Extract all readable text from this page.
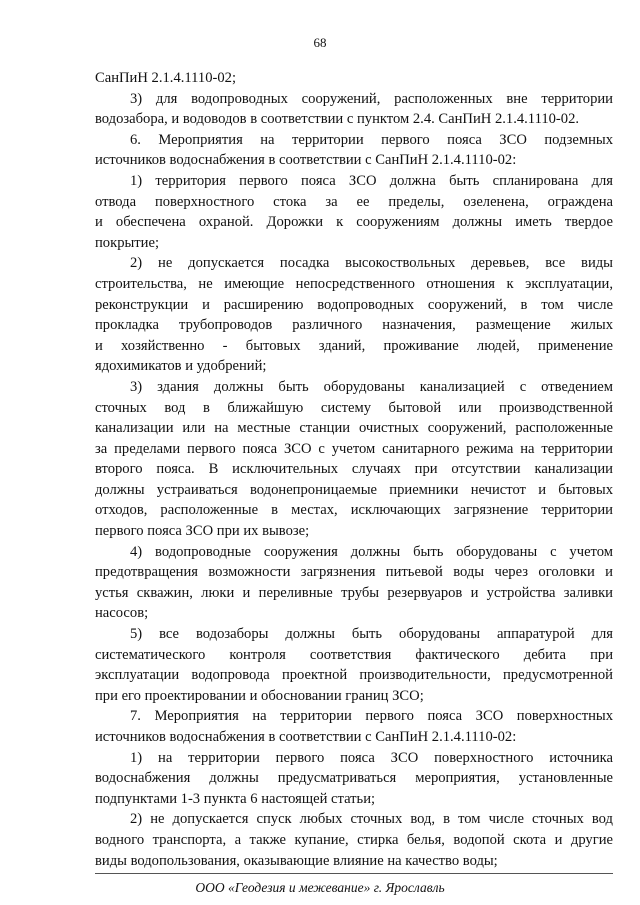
68
СанПиН 2.1.4.1110-02;
3) для водопроводных сооружений, расположенных вне территории
водозабора, и водоводов в соответствии с пунктом 2.4. СанПиН 2.1.4.1110-02.
6. Мероприятия на территории первого пояса ЗСО подземных
источников водоснабжения в соответствии с СанПиН 2.1.4.1110-02:
1) территория первого пояса ЗСО должна быть спланирована для
отвода поверхностного стока за ее пределы, озеленена, ограждена
и обеспечена охраной. Дорожки к сооружениям должны иметь твердое
покрытие;
2) не допускается посадка высокоствольных деревьев, все виды
строительства, не имеющие непосредственного отношения к эксплуатации,
реконструкции и расширению водопроводных сооружений, в том числе
прокладка трубопроводов различного назначения, размещение жилых
и хозяйственно - бытовых зданий, проживание людей, применение
ядохимикатов и удобрений;
3) здания должны быть оборудованы канализацией с отведением
сточных вод в ближайшую систему бытовой или производственной
канализации или на местные станции очистных сооружений, расположенные
за пределами первого пояса ЗСО с учетом санитарного режима на территории
второго пояса. В исключительных случаях при отсутствии канализации
должны устраиваться водонепроницаемые приемники нечистот и бытовых
отходов, расположенные в местах, исключающих загрязнение территории
первого пояса ЗСО при их вывозе;
4) водопроводные сооружения должны быть оборудованы с учетом
предотвращения возможности загрязнения питьевой воды через оголовки и
устья скважин, люки и переливные трубы резервуаров и устройства заливки
насосов;
5) все водозаборы должны быть оборудованы аппаратурой для
систематического контроля соответствия фактического дебита при
эксплуатации водопровода проектной производительности, предусмотренной
при его проектировании и обосновании границ ЗСО;
7. Мероприятия на территории первого пояса ЗСО поверхностных
источников водоснабжения в соответствии с СанПиН 2.1.4.1110-02:
1) на территории первого пояса ЗСО поверхностного источника
водоснабжения должны предусматриваться мероприятия, установленные
подпунктами 1-3 пункта 6 настоящей статьи;
2) не допускается спуск любых сточных вод, в том числе сточных вод
водного транспорта, а также купание, стирка белья, водопой скота и другие
виды водопользования, оказывающие влияние на качество воды;
ООО «Геодезия и межевание» г. Ярославль
